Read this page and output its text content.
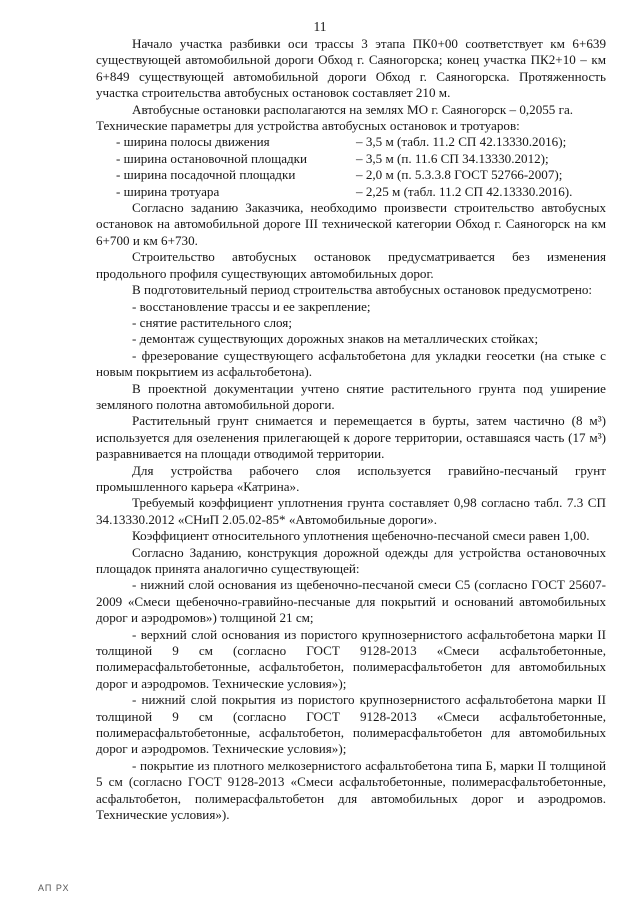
11

Начало участка разбивки оси трассы 3 этапа ПК0+00 соответствует км 6+639 существующей автомобильной дороги Обход г. Саяногорска; конец участка ПК2+10 – км 6+849 существующей автомобильной дороги Обход г. Саяногорска. Протяженность участка строительства автобусных остановок составляет 210 м.

Автобусные остановки располагаются на землях МО г. Саяногорск – 0,2055 га.

Технические параметры для устройства автобусных остановок и тротуаров:

- ширина полосы движения	– 3,5 м (табл. 11.2 СП 42.13330.2016);
- ширина остановочной площадки	– 3,5 м (п. 11.6 СП 34.13330.2012);
- ширина посадочной площадки	– 2,0 м (п. 5.3.3.8 ГОСТ 52766-2007);
- ширина тротуара	– 2,25 м (табл. 11.2 СП 42.13330.2016).

Согласно заданию Заказчика, необходимо произвести строительство автобусных остановок на автомобильной дороге III технической категории Обход г. Саяногорск на км 6+700 и км 6+730.

Строительство автобусных остановок предусматривается без изменения продольного профиля существующих автомобильных дорог.

В подготовительный период строительства автобусных остановок предусмотрено:

- восстановление трассы и ее закрепление;

- снятие растительного слоя;

- демонтаж существующих дорожных знаков на металлических стойках;

- фрезерование существующего асфальтобетона для укладки геосетки (на стыке с новым покрытием из асфальтобетона).

В проектной документации учтено снятие растительного грунта под уширение земляного полотна автомобильной дороги.

Растительный грунт снимается и перемещается в бурты, затем частично (8 м³) используется для озеленения прилегающей к дороге территории, оставшаяся часть (17 м³) разравнивается на площади отводимой территории.

Для устройства рабочего слоя используется гравийно-песчаный грунт промышленного карьера «Катрина».

Требуемый коэффициент уплотнения грунта составляет 0,98 согласно табл. 7.3 СП 34.13330.2012 «СНиП 2.05.02-85* «Автомобильные дороги».

Коэффициент относительного уплотнения щебеночно-песчаной смеси равен 1,00.

Согласно Заданию, конструкция дорожной одежды для устройства остановочных площадок принята аналогично существующей:

- нижний слой основания из щебеночно-песчаной смеси С5 (согласно ГОСТ 25607-2009 «Смеси щебеночно-гравийно-песчаные для покрытий и оснований автомобильных дорог и аэродромов») толщиной 21 см;

- верхний слой основания из пористого крупнозернистого асфальтобетона марки II толщиной 9 см (согласно ГОСТ 9128-2013 «Смеси асфальтобетонные, полимерасфальтобетонные, асфальтобетон, полимерасфальтобетон для автомобильных дорог и аэродромов. Технические условия»);

- нижний слой покрытия из пористого крупнозернистого асфальтобетона марки II толщиной 9 см (согласно ГОСТ 9128-2013 «Смеси асфальтобетонные, полимерасфальтобетонные, асфальтобетон, полимерасфальтобетон для автомобильных дорог и аэродромов. Технические условия»);

- покрытие из плотного мелкозернистого асфальтобетона типа Б, марки II толщиной 5 см (согласно ГОСТ 9128-2013 «Смеси асфальтобетонные, полимерасфальтобетонные, асфальтобетон, полимерасфальтобетон для автомобильных дорог и аэродромов. Технические условия»).

АП РХ
